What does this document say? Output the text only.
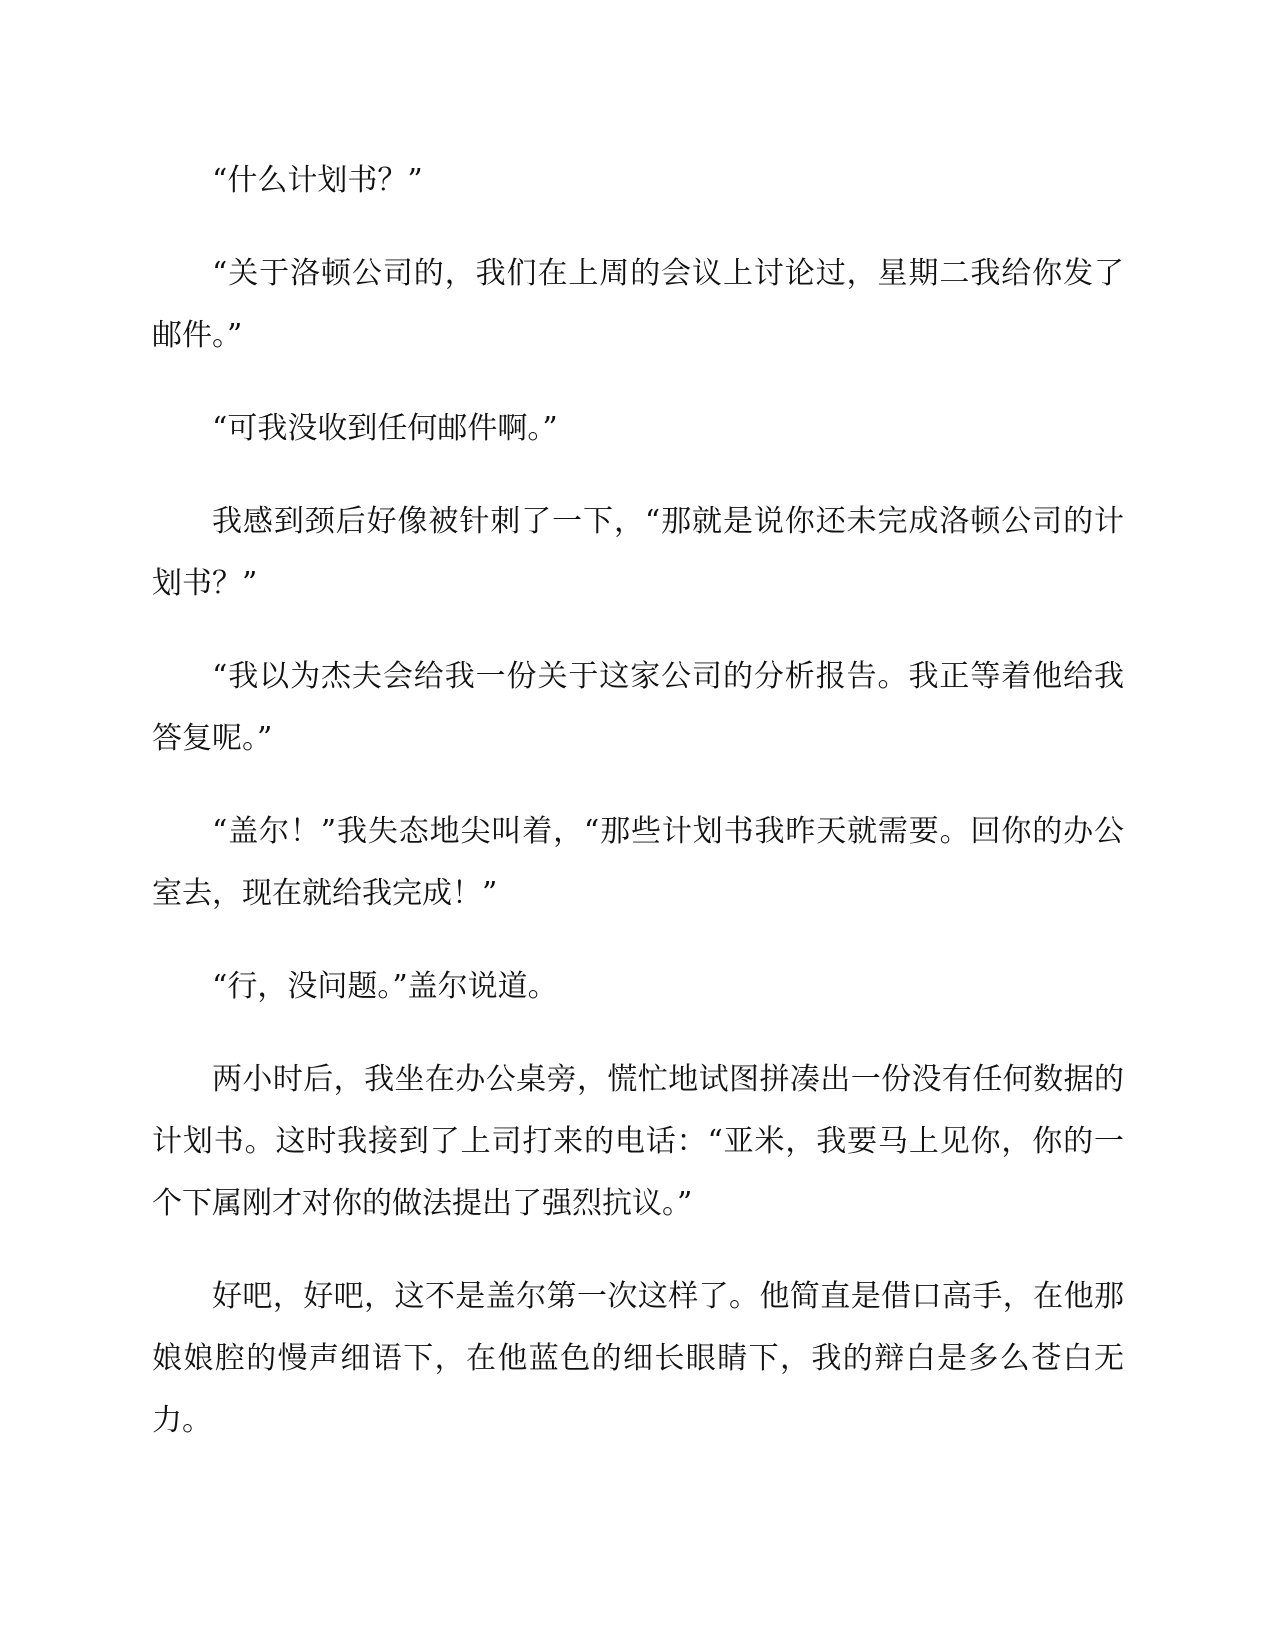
“什么计划书？”

“关于洛顿公司的，我们在上周的会议上讨论过，星期二我给你发了邮件。”

“可我没收到任何邮件啊。”

我感到颈后好像被针刺了一下，“那就是说你还未完成洛顿公司的计划书？”

“我以为杰夫会给我一份关于这家公司的分析报告。我正等着他给我答复呢。”

“盖尔！”我失态地尖叫着，“那些计划书我昨天就需要。回你的办公室去，现在就给我完成！”

“行，没问题。”盖尔说道。

两小时后，我坐在办公桌旁，慌忙地试图拼凑出一份没有任何数据的计划书。这时我接到了上司打来的电话：“亚米，我要马上见你，你的一个下属刚才对你的做法提出了强烈抗议。”

好吧，好吧，这不是盖尔第一次这样了。他简直是借口高手，在他那娘娘腔的慢声细语下，在他蓝色的细长眼睛下，我的辩白是多么苍白无力。
